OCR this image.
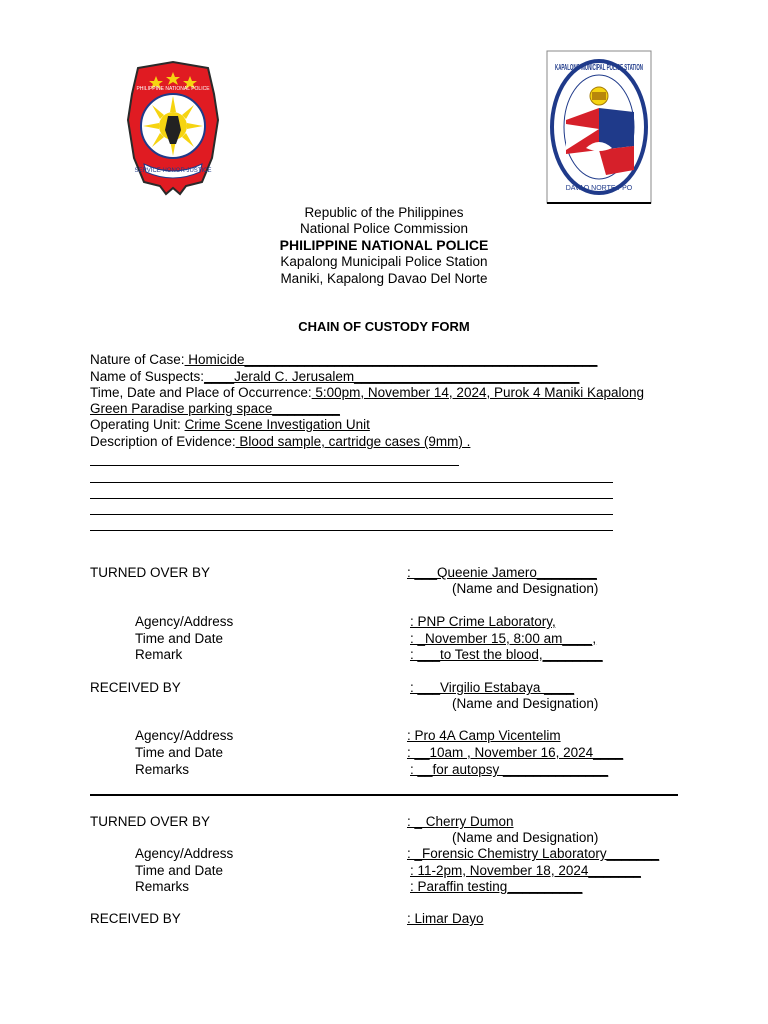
SERVICE HONOR JUSTICE
PHILIPPINE NATIONAL POLICE
KAPALONG MUNICIPAL POLICE STATION
DAVAO NORTE PPO
Republic of the Philippines
National Police Commission
PHILIPPINE NATIONAL POLICE
Kapalong Municipali Police Station
Maniki, Kapalong Davao Del Norte
CHAIN OF CUSTODY FORM
Nature of Case: Homicide_______________________________________________
Name of Suspects:____Jerald C. Jerusalem______________________________
Time, Date and Place of Occurrence: 5:00pm, November 14, 2024, Purok 4 Maniki Kapalong
Green Paradise parking space_________
Operating Unit: Crime Scene Investigation Unit
Description of Evidence: Blood sample, cartridge cases (9mm) .
TURNED OVER BY	: ___Queenie Jamero________
(Name and Designation)
Agency/Address	: PNP Crime Laboratory,
Time and Date	: _November 15, 8:00 am____,
Remark	: ___to Test the blood,________
RECEIVED BY	: ___Virgilio Estabaya ____
(Name and Designation)
Agency/Address	: Pro 4A Camp Vicentelim
Time and Date	: __10am , November 16, 2024____
Remarks	: __for autopsy ______________
TURNED OVER BY	: _ Cherry Dumon
(Name and Designation)
Agency/Address	: _Forensic Chemistry Laboratory_______
Time and Date	: 11-2pm, November 18, 2024_______
Remarks	: Paraffin testing__________
RECEIVED BY	: Limar Dayo
